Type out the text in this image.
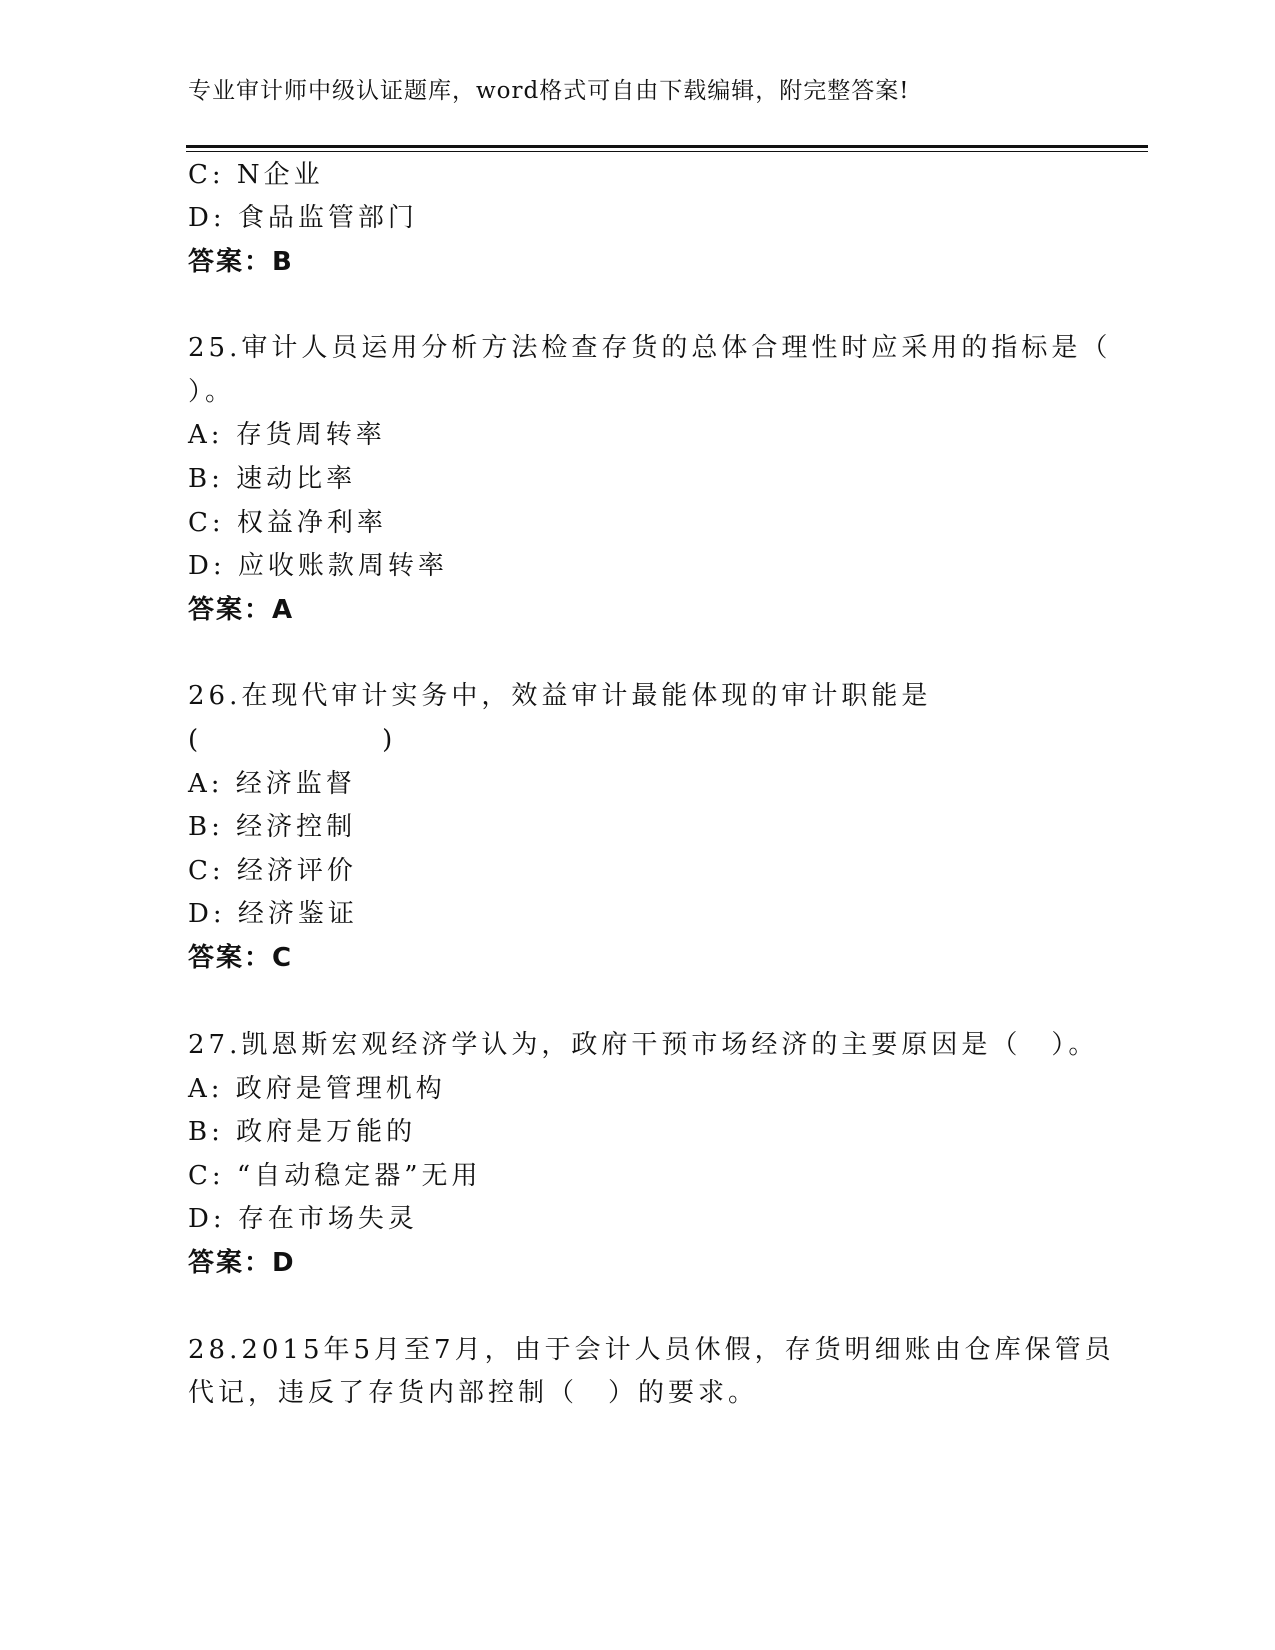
专业审计师中级认证题库，word格式可自由下载编辑，附完整答案!
C: N企业
D: 食品监管部门
答案：B
25.审计人员运用分析方法检查存货的总体合理性时应采用的指标是（
）。
A: 存货周转率
B: 速动比率
C: 权益净利率
D: 应收账款周转率
答案：A
26.在现代审计实务中，效益审计最能体现的审计职能是
(　　　　　　)
A: 经济监督
B: 经济控制
C: 经济评价
D: 经济鉴证
答案：C
27.凯恩斯宏观经济学认为，政府干预市场经济的主要原因是（　）。
A: 政府是管理机构
B: 政府是万能的
C: “自动稳定器”无用
D: 存在市场失灵
答案：D
28.2015年5月至7月，由于会计人员休假，存货明细账由仓库保管员
代记，违反了存货内部控制（　）的要求。
